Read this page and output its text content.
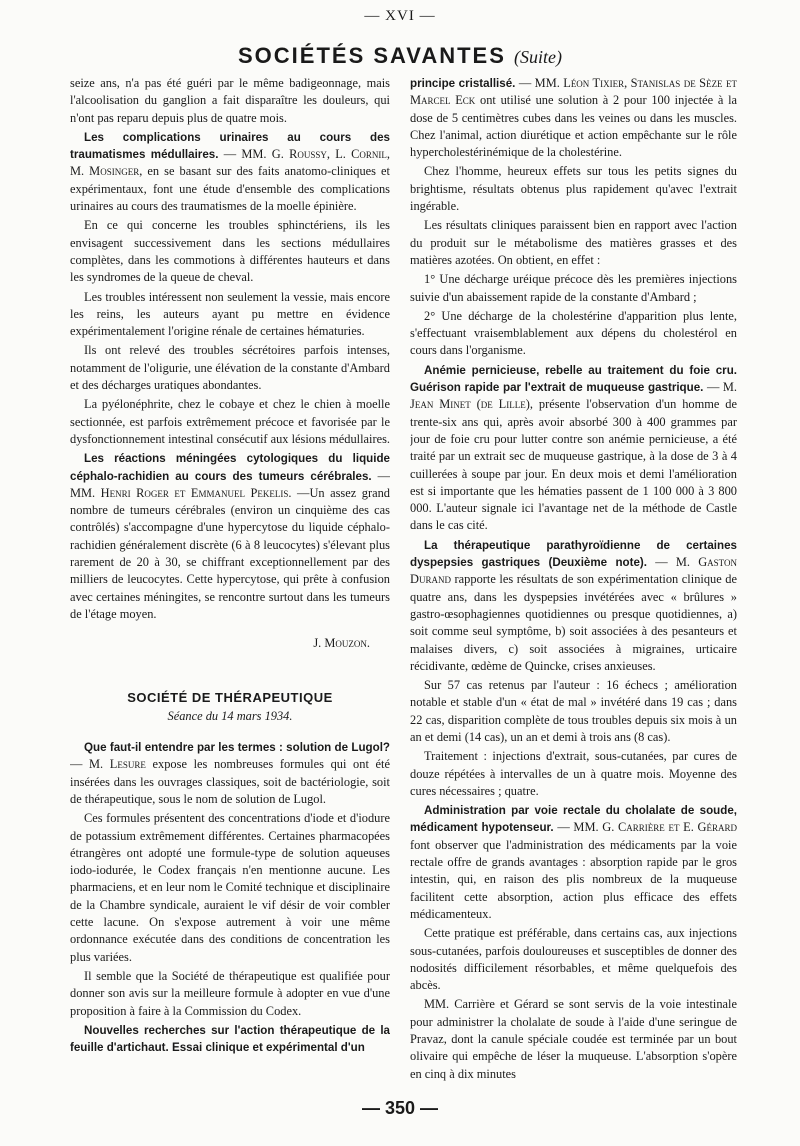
— XVI —
SOCIÉTÉS SAVANTES (Suite)

seize ans, n'a pas été guéri par le même badigeonnage, mais l'alcoolisation du ganglion a fait disparaître les douleurs, qui n'ont pas reparu depuis plus de quatre mois.

Les complications urinaires au cours des traumatismes médullaires. — MM. G. Roussy, L. Cornil, M. Mosinger, en se basant sur des faits anatomo-cliniques et expérimentaux, font une étude d'ensemble des complications urinaires au cours des traumatismes de la moelle épinière.

En ce qui concerne les troubles sphinctériens, ils les envisagent successivement dans les sections médullaires complètes, dans les commotions à différentes hauteurs et dans les syndromes de la queue de cheval.

Les troubles intéressent non seulement la vessie, mais encore les reins, les auteurs ayant pu mettre en évidence expérimentalement l'origine rénale de certaines hématuries.

Ils ont relevé des troubles sécrétoires parfois intenses, notamment de l'oligurie, une élévation de la constante d'Ambard et des décharges uratiques abondantes.

La pyélonéphrite, chez le cobaye et chez le chien à moelle sectionnée, est parfois extrêmement précoce et favorisée par le dysfonctionnement intestinal consécutif aux lésions médullaires.

Les réactions méningées cytologiques du liquide céphalo-rachidien au cours des tumeurs cérébrales. —MM. Henri Roger et Emmanuel Pekelis. —Un assez grand nombre de tumeurs cérébrales (environ un cinquième des cas contrôlés) s'accompagne d'une hypercytose du liquide céphalo-rachidien généralement discrète (6 à 8 leucocytes) s'élevant plus rarement de 20 à 30, se chiffrant exceptionnellement par des milliers de leucocytes. Cette hypercytose, qui prête à confusion avec certaines méningites, se rencontre surtout dans les tumeurs de l'étage moyen.

J. Mouzon.
SOCIÉTÉ DE THÉRAPEUTIQUE
Séance du 14 mars 1934.

Que faut-il entendre par les termes : solution de Lugol? — M. Lesure expose les nombreuses formules qui ont été insérées dans les ouvrages classiques, soit de bactériologie, soit de thérapeutique, sous le nom de solution de Lugol.

Ces formules présentent des concentrations d'iode et d'iodure de potassium extrêmement différentes. Certaines pharmacopées étrangères ont adopté une formule-type de solution aqueuses iodo-iodurée, le Codex français n'en mentionne aucune. Les pharmaciens, et en leur nom le Comité technique et disciplinaire de la Chambre syndicale, auraient le vif désir de voir combler cette lacune. On s'expose autrement à voir une même ordonnance exécutée dans des conditions de concentration les plus variées.

Il semble que la Société de thérapeutique est qualifiée pour donner son avis sur la meilleure formule à adopter en vue d'une proposition à faire à la Commission du Codex.

Nouvelles recherches sur l'action thérapeutique de la feuille d'artichaut. Essai clinique et expérimental d'un

principe cristallisé. — MM. Léon Tixier, Stanislas de Sèze et Marcel Eck ont utilisé une solution à 2 pour 100 injectée à la dose de 5 centimètres cubes dans les veines ou dans les muscles. Chez l'animal, action diurétique et action empêchante sur le rôle hypercholestérinémique de la cholestérine.

Chez l'homme, heureux effets sur tous les petits signes du brightisme, résultats obtenus plus rapidement qu'avec l'extrait ingérable.

Les résultats cliniques paraissent bien en rapport avec l'action du produit sur le métabolisme des matières grasses et des matières azotées. On obtient, en effet :

1° Une décharge uréique précoce dès les premières injections suivie d'un abaissement rapide de la constante d'Ambard ;

2° Une décharge de la cholestérine d'apparition plus lente, s'effectuant vraisemblablement aux dépens du cholestérol en cours dans l'organisme.

Anémie pernicieuse, rebelle au traitement du foie cru. Guérison rapide par l'extrait de muqueuse gastrique. — M. Jean Minet (de Lille), présente l'observation d'un homme de trente-six ans qui, après avoir absorbé 300 à 400 grammes par jour de foie cru pour lutter contre son anémie pernicieuse, a été traité par un extrait sec de muqueuse gastrique, à la dose de 3 à 4 cuillerées à soupe par jour. En deux mois et demi l'amélioration est si importante que les hématies passent de 1 100 000 à 3 800 000. L'auteur signale ici l'avantage net de la méthode de Castle dans le cas cité.

La thérapeutique parathyroïdienne de certaines dyspepsies gastriques (Deuxième note). — M. Gaston Durand rapporte les résultats de son expérimentation clinique de quatre ans, dans les dyspepsies invétérées avec « brûlures » gastro-œsophagiennes quotidiennes ou presque quotidiennes, a) soit comme seul symptôme, b) soit associées à des pesanteurs et malaises divers, c) soit associées à migraines, urticaire récidivante, œdème de Quincke, crises anxieuses.

Sur 57 cas retenus par l'auteur : 16 échecs ; amélioration notable et stable d'un « état de mal » invétéré dans 19 cas ; dans 22 cas, disparition complète de tous troubles depuis six mois à un an et demi (14 cas), un an et demi à trois ans (8 cas).

Traitement : injections d'extrait, sous-cutanées, par cures de douze répétées à intervalles de un à quatre mois. Moyenne des cures nécessaires ; quatre.

Administration par voie rectale du cholalate de soude, médicament hypotenseur. — MM. G. Carrière et E. Gérard font observer que l'administration des médicaments par la voie rectale offre de grands avantages : absorption rapide par le gros intestin, qui, en raison des plis nombreux de la muqueuse facilitent cette absorption, action plus efficace des effets médicamenteux.

Cette pratique est préférable, dans certains cas, aux injections sous-cutanées, parfois douloureuses et susceptibles de donner des nodosités difficilement résorbables, et même quelquefois des abcès.

MM. Carrière et Gérard se sont servis de la voie intestinale pour administrer la cholalate de soude à l'aide d'une seringue de Pravaz, dont la canule spéciale coudée est terminée par un bout olivaire qui empêche de léser la muqueuse. L'absorption s'opère en cinq à dix minutes

— 350 —
